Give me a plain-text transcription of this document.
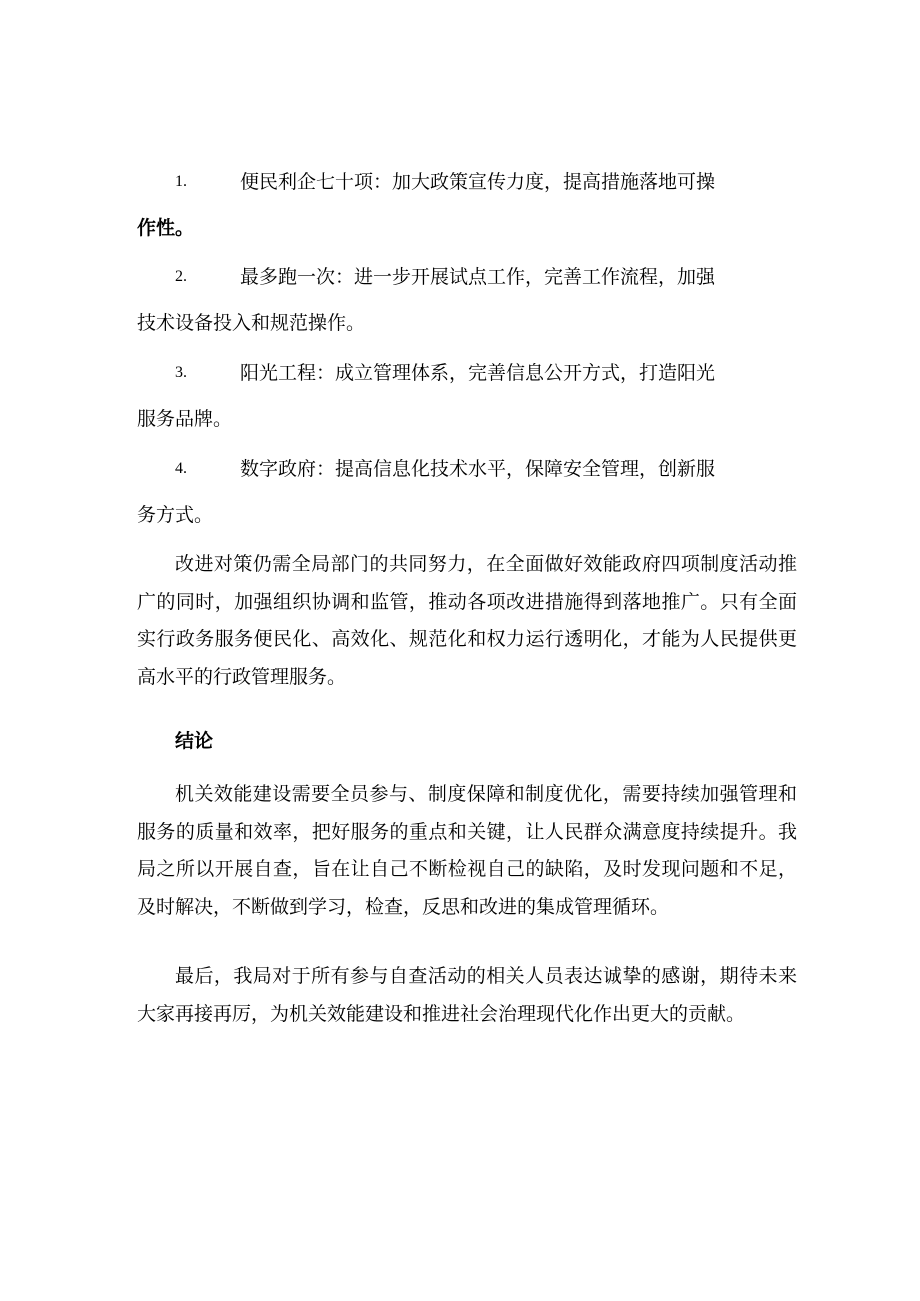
1.	便民利企七十项：加大政策宣传力度，提高措施落地可操
作性。
2.	最多跑一次：进一步开展试点工作，完善工作流程，加强
技术设备投入和规范操作。
3.	阳光工程：成立管理体系，完善信息公开方式，打造阳光
服务品牌。
4.	数字政府：提高信息化技术水平，保障安全管理，创新服
务方式。

改进对策仍需全局部门的共同努力，在全面做好效能政府四项制度活动推广的同时，加强组织协调和监管，推动各项改进措施得到落地推广。只有全面实行政务服务便民化、高效化、规范化和权力运行透明化，才能为人民提供更高水平的行政管理服务。

结论

机关效能建设需要全员参与、制度保障和制度优化，需要持续加强管理和服务的质量和效率，把好服务的重点和关键，让人民群众满意度持续提升。我局之所以开展自查，旨在让自己不断检视自己的缺陷，及时发现问题和不足，及时解决，不断做到学习，检查，反思和改进的集成管理循环。

最后，我局对于所有参与自查活动的相关人员表达诚挚的感谢，期待未来大家再接再厉，为机关效能建设和推进社会治理现代化作出更大的贡献。
